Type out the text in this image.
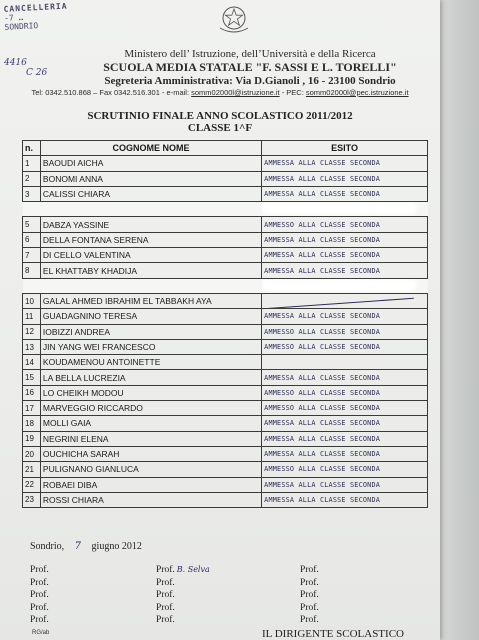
CANCELLERIA
-7 …
SONDRIO
4416
C 26
Ministero dell’ Istruzione, dell’Università e della Ricerca
SCUOLA MEDIA STATALE "F. SASSI E L. TORELLI"
Segreteria Amministrativa: Via D.Gianoli , 16 - 23100 Sondrio
Tel: 0342.510.868 – Fax 0342.516.301 - e-mail: somm02000l@istruzione.it - PEC: somm02000l@pec.istruzione.it
SCRUTINIO FINALE ANNO SCOLASTICO 2011/2012
CLASSE 1^F
n.	COGNOME NOME	ESITO
1	BAOUDI AICHA	AMMESSA ALLA CLASSE SECONDA
2	BONOMI ANNA	AMMESSA ALLA CLASSE SECONDA
3	CALISSI CHIARA	AMMESSA ALLA CLASSE SECONDA

5	DABZA YASSINE	AMMESSO ALLA CLASSE SECONDA
6	DELLA FONTANA SERENA	AMMESSA ALLA CLASSE SECONDA
7	DI CELLO VALENTINA	AMMESSA ALLA CLASSE SECONDA
8	EL KHATTABY KHADIJA	AMMESSA ALLA CLASSE SECONDA

10	GALAL AHMED IBRAHIM EL TABBAKH AYA	

11	GUADAGNINO TERESA	AMMESSA ALLA CLASSE SECONDA
12	IOBIZZI ANDREA	AMMESSO ALLA CLASSE SECONDA
13	JIN YANG WEI FRANCESCO	AMMESSO ALLA CLASSE SECONDA
14	KOUDAMENOU ANTOINETTE	
15	LA BELLA LUCREZIA	AMMESSA ALLA CLASSE SECONDA
16	LO CHEIKH MODOU	AMMESSO ALLA CLASSE SECONDA
17	MARVEGGIO RICCARDO	AMMESSO ALLA CLASSE SECONDA
18	MOLLI GAIA	AMMESSA ALLA CLASSE SECONDA
19	NEGRINI ELENA	AMMESSA ALLA CLASSE SECONDA
20	OUCHICHA SARAH	AMMESSA ALLA CLASSE SECONDA
21	PULIGNANO GIANLUCA	AMMESSO ALLA CLASSE SECONDA
22	ROBAEI DIBA	AMMESSA ALLA CLASSE SECONDA
23	ROSSI CHIARA	AMMESSA ALLA CLASSE SECONDA
Sondrio, 7 giugno 2012
Prof.
Prof.
Prof.
Prof.
Prof.
Prof. B. Selva
Prof.
Prof.
Prof.
Prof.
Prof.
Prof.
Prof.
Prof.
Prof.
RG/ab	IL DIRIGENTE SCOLASTICO
